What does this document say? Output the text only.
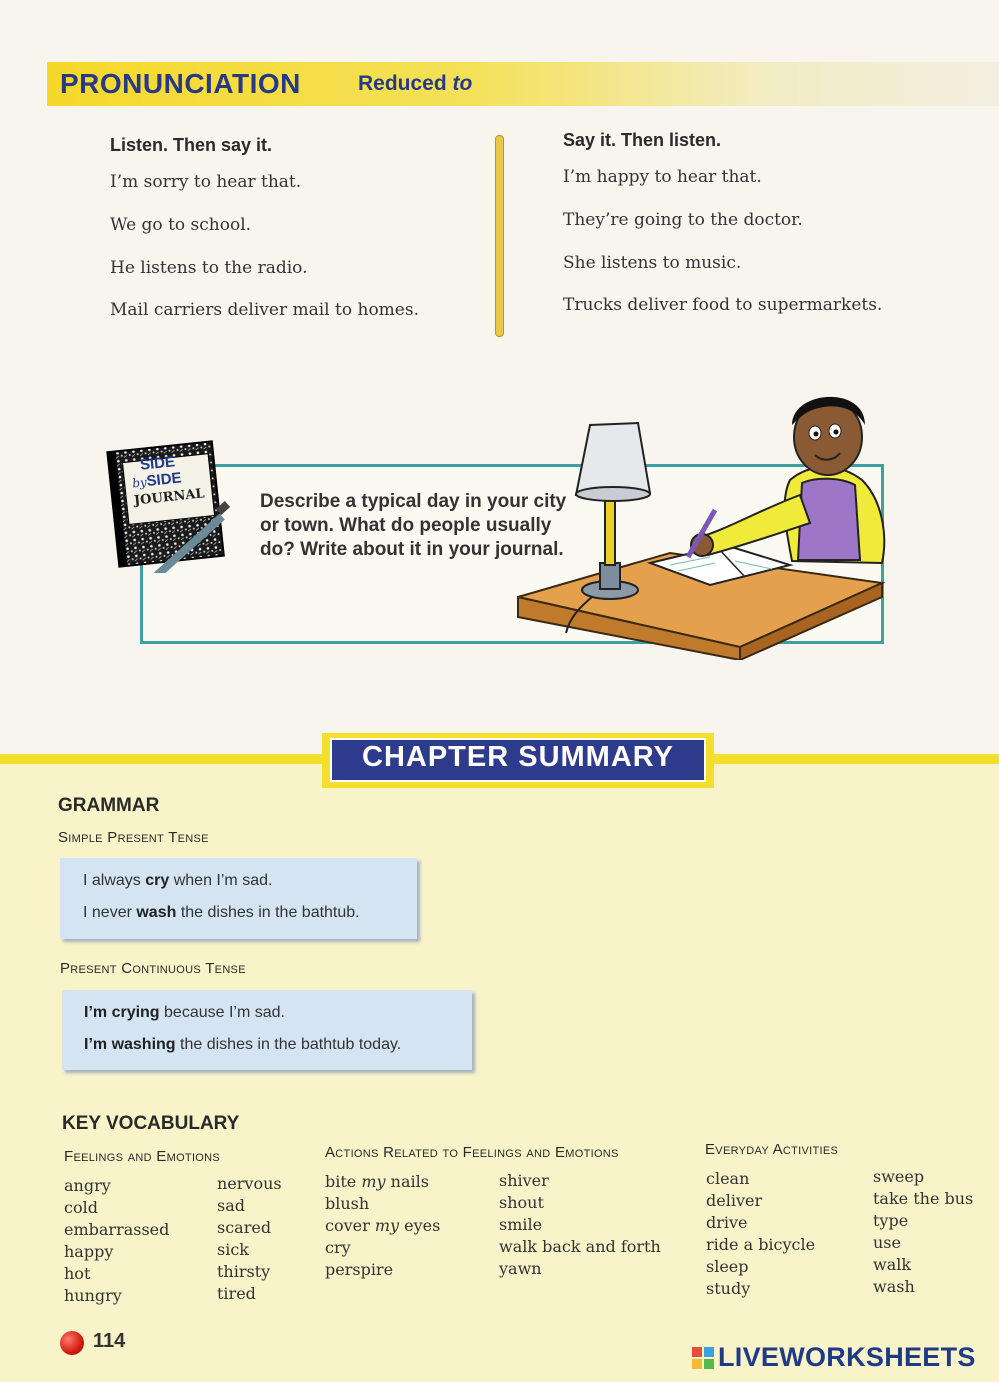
PRONUNCIATION	Reduced to
Listen. Then say it.
I’m sorry to hear that.
We go to school.
He listens to the radio.
Mail carriers deliver mail to homes.
Say it. Then listen.
I’m happy to hear that.
They’re going to the doctor.
She listens to music.
Trucks deliver food to supermarkets.
SIDE
bySIDE
JOURNAL	Describe a typical day in your city or town. What do people usually do? Write about it in your journal.
CHAPTER SUMMARY
GRAMMAR
Simple Present Tense
I always cry when I’m sad.
I never wash the dishes in the bathtub.
Present Continuous Tense
I’m crying because I’m sad.
I’m washing the dishes in the bathtub today.
KEY VOCABULARY
Feelings and Emotions
angry
cold
embarrassed
happy
hot
hungry
nervous
sad
scared
sick
thirsty
tired
Actions Related to Feelings and Emotions
bite my nails
blush
cover my eyes
cry
perspire
shiver
shout
smile
walk back and forth
yawn
Everyday Activities
clean
deliver
drive
ride a bicycle
sleep
study
sweep
take the bus
type
use
walk
wash
114
LIVEWORKSHEETS
